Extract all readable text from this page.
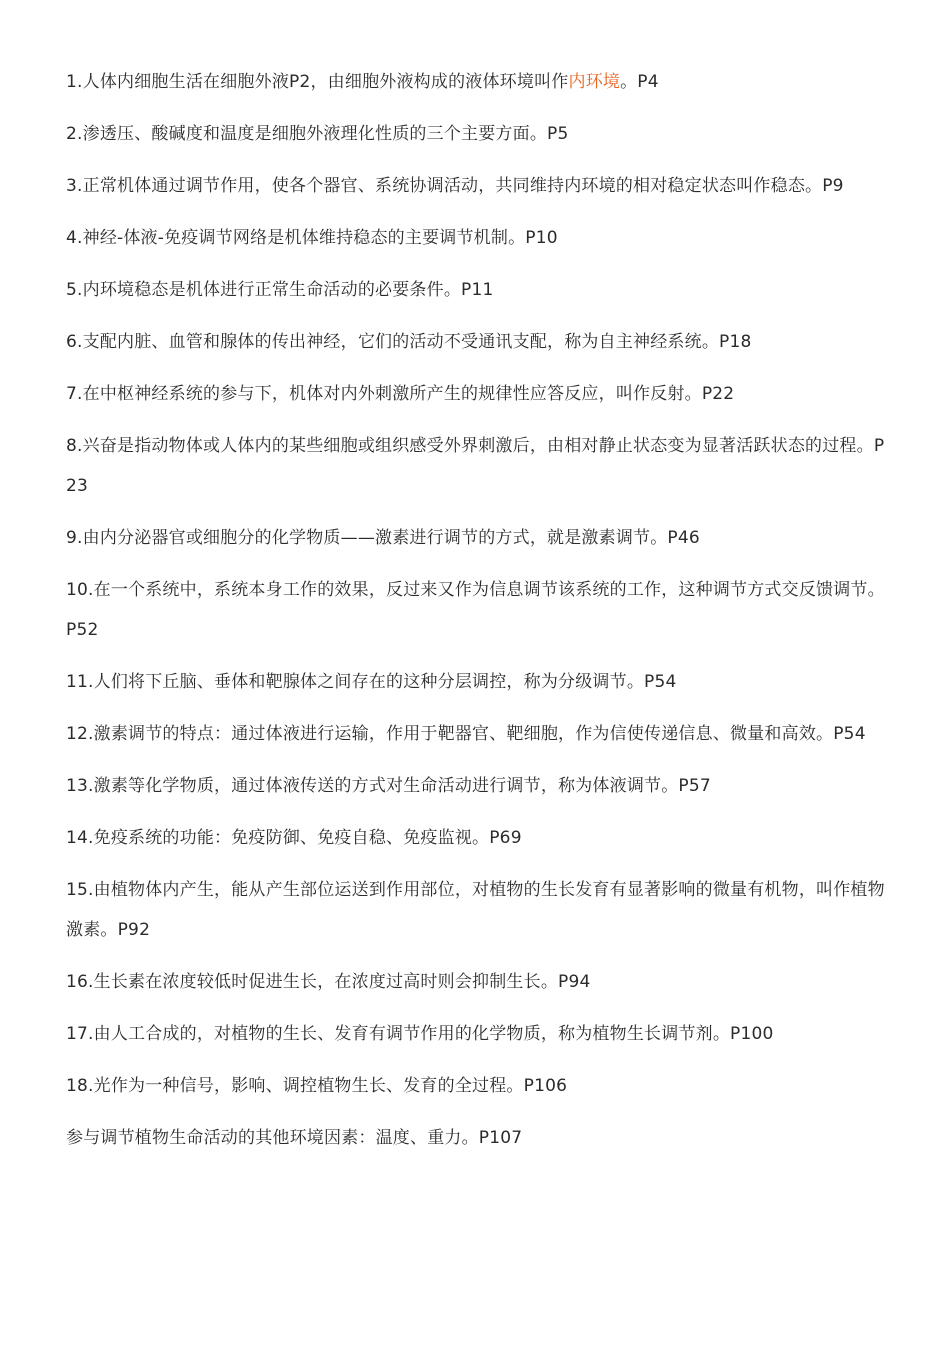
1.人体内细胞生活在细胞外液P2，由细胞外液构成的液体环境叫作内环境。P4

2.渗透压、酸碱度和温度是细胞外液理化性质的三个主要方面。P5

3.正常机体通过调节作用，使各个器官、系统协调活动，共同维持内环境的相对稳定状态叫作稳态。P9

4.神经-体液-免疫调节网络是机体维持稳态的主要调节机制。P10

5.内环境稳态是机体进行正常生命活动的必要条件。P11

6.支配内脏、血管和腺体的传出神经，它们的活动不受通讯支配，称为自主神经系统。P18

7.在中枢神经系统的参与下，机体对内外刺激所产生的规律性应答反应，叫作反射。P22

8.兴奋是指动物体或人体内的某些细胞或组织感受外界刺激后，由相对静止状态变为显著活跃状态的过程。P23

9.由内分泌器官或细胞分的化学物质——激素进行调节的方式，就是激素调节。P46

10.在一个系统中，系统本身工作的效果，反过来又作为信息调节该系统的工作，这种调节方式交反馈调节。P52

11.人们将下丘脑、垂体和靶腺体之间存在的这种分层调控，称为分级调节。P54

12.激素调节的特点：通过体液进行运输，作用于靶器官、靶细胞，作为信使传递信息、微量和高效。P54

13.激素等化学物质，通过体液传送的方式对生命活动进行调节，称为体液调节。P57

14.免疫系统的功能：免疫防御、免疫自稳、免疫监视。P69

15.由植物体内产生，能从产生部位运送到作用部位，对植物的生长发育有显著影响的微量有机物，叫作植物激素。P92

16.生长素在浓度较低时促进生长，在浓度过高时则会抑制生长。P94

17.由人工合成的，对植物的生长、发育有调节作用的化学物质，称为植物生长调节剂。P100

18.光作为一种信号，影响、调控植物生长、发育的全过程。P106

参与调节植物生命活动的其他环境因素：温度、重力。P107
